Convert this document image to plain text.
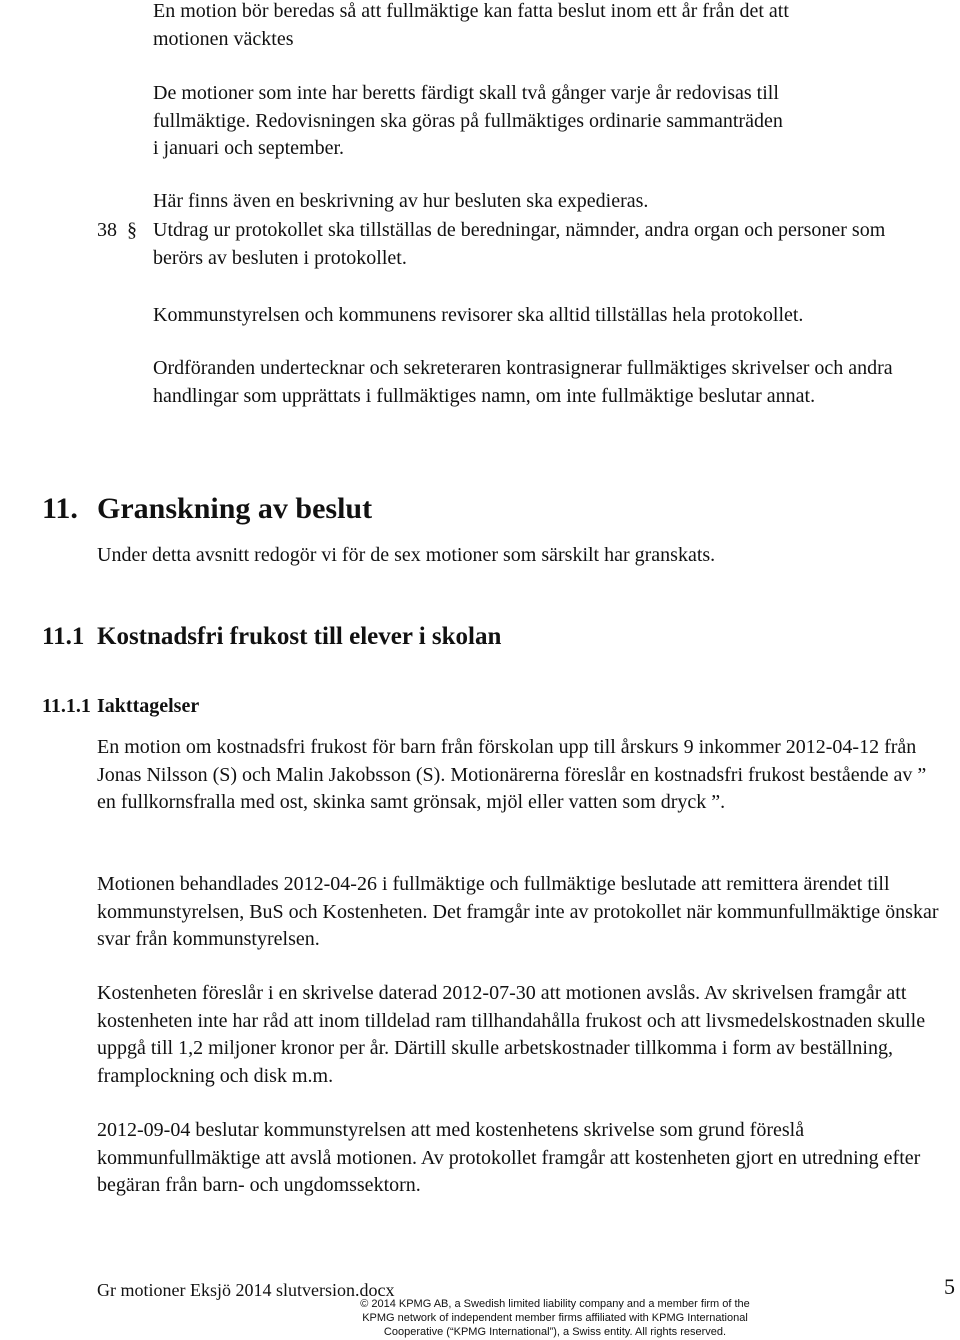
En motion bör beredas så att fullmäktige kan fatta beslut inom ett år från det att motionen väcktes
De motioner som inte har beretts färdigt skall två gånger varje år redovisas till fullmäktige. Redovisningen ska göras på fullmäktiges ordinarie sammanträden i januari och september.
Här finns även en beskrivning av hur besluten ska expedieras.
38 § Utdrag ur protokollet ska tillställas de beredningar, nämnder, andra organ och personer som berörs av besluten i protokollet.
Kommunstyrelsen och kommunens revisorer ska alltid tillställas hela protokollet.
Ordföranden undertecknar och sekreteraren kontrasignerar fullmäktiges skrivelser och andra handlingar som upprättats i fullmäktiges namn, om inte fullmäktige beslutar annat.
11. Granskning av beslut
Under detta avsnitt redogör vi för de sex motioner som särskilt har granskats.
11.1 Kostnadsfri frukost till elever i skolan
11.1.1 Iakttagelser
En motion om kostnadsfri frukost för barn från förskolan upp till årskurs 9 inkommer 2012-04-12 från Jonas Nilsson (S) och Malin Jakobsson (S). Motionärerna föreslår en kostnadsfri frukost bestående av ” en fullkornsfralla med ost, skinka samt grönsak, mjöl eller vatten som dryck ”.
Motionen behandlades 2012-04-26 i fullmäktige och fullmäktige beslutade att remittera ärendet till kommunstyrelsen, BuS och Kostenheten. Det framgår inte av protokollet när kommunfullmäktige önskar svar från kommunstyrelsen.
Kostenheten föreslår i en skrivelse daterad 2012-07-30 att motionen avslås. Av skrivelsen framgår att kostenheten inte har råd att inom tilldelad ram tillhandahålla frukost och att livsmedelskostnaden skulle uppgå till 1,2 miljoner kronor per år. Därtill skulle arbetskostnader tillkomma i form av beställning, framplockning och disk m.m.
2012-09-04 beslutar kommunstyrelsen att med kostenhetens skrivelse som grund föreslå kommunfullmäktige att avslå motionen. Av protokollet framgår att kostenheten gjort en utredning efter begäran från barn- och ungdomssektorn.
Gr motioner Eksjö 2014 slutversion.docx	5
© 2014 KPMG AB, a Swedish limited liability company and a member firm of the
KPMG network of independent member firms affiliated with KPMG International
Cooperative (“KPMG International”), a Swiss entity. All rights reserved.
